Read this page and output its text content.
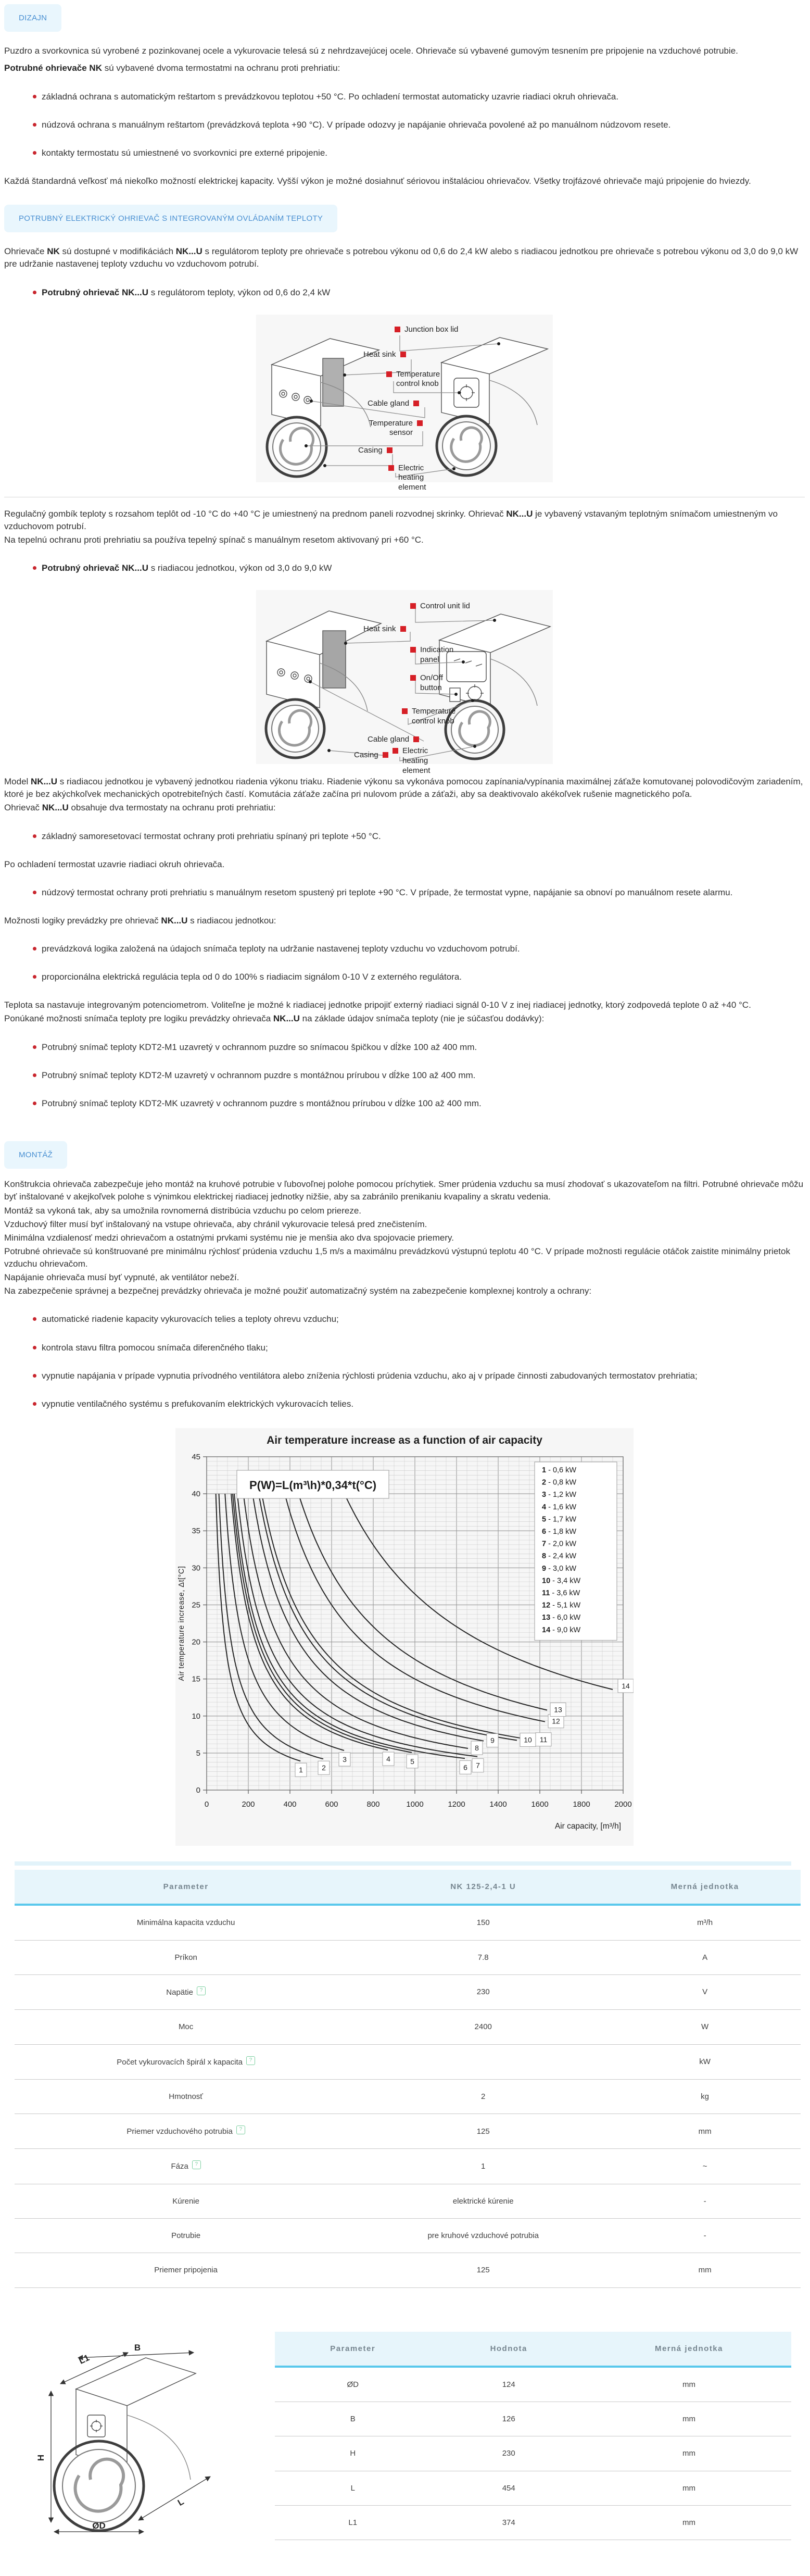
DIZAJN

Puzdro a svorkovnica sú vyrobené z pozinkovanej ocele a vykurovacie telesá sú z nehrdzavejúcej ocele. Ohrievače sú vybavené gumovým tesnením pre pripojenie na vzduchové potrubie.

Potrubné ohrievače NK sú vybavené dvoma termostatmi na ochranu proti prehriatiu:

základná ochrana s automatickým reštartom s prevádzkovou teplotou +50 °C. Po ochladení termostat automaticky uzavrie riadiaci okruh ohrievača.
núdzová ochrana s manuálnym reštartom (prevádzková teplota +90 °C). V prípade odozvy je napájanie ohrievača povolené až po manuálnom núdzovom resete.
kontakty termostatu sú umiestnené vo svorkovnici pre externé pripojenie.

Každá štandardná veľkosť má niekoľko možností elektrickej kapacity. Vyšší výkon je možné dosiahnuť sériovou inštaláciou ohrievačov. Všetky trojfázové ohrievače majú pripojenie do hviezdy.

POTRUBNÝ ELEKTRICKÝ OHRIEVAČ S INTEGROVANÝM OVLÁDANÍM TEPLOTY

Ohrievače NK sú dostupné v modifikáciách NK...U s regulátorom teploty pre ohrievače s potrebou výkonu od 0,6 do 2,4 kW alebo s riadiacou jednotkou pre ohrievače s potrebou výkonu od 3,0 do 9,0 kW pre udržanie nastavenej teploty vzduchu vo vzduchovom potrubí.

Potrubný ohrievač NK...U s regulátorom teploty, výkon od 0,6 do 2,4 kW
Junction box lid
Heat sink
Temperature control knob
Cable gland
Temperature sensor
Casing
Electric heating element

Regulačný gombík teploty s rozsahom teplôt od -10 °C do +40 °C je umiestnený na prednom paneli rozvodnej skrinky. Ohrievač NK...U je vybavený vstavaným teplotným snímačom umiestneným vo vzduchovom potrubí.

Na tepelnú ochranu proti prehriatiu sa používa tepelný spínač s manuálnym resetom aktivovaný pri +60 °C.

Potrubný ohrievač NK...U s riadiacou jednotkou, výkon od 3,0 do 9,0 kW
Control unit lid
Heat sink
Indication panel
On/Off button
Temperature control knob
Cable gland
Casing	Electric heating element

Model NK...U s riadiacou jednotkou je vybavený jednotkou riadenia výkonu triaku. Riadenie výkonu sa vykonáva pomocou zapínania/vypínania maximálnej záťaže komutovanej polovodičovým zariadením, ktoré je bez akýchkoľvek mechanických opotrebiteľných častí. Komutácia záťaže začína pri nulovom prúde a záťaži, aby sa deaktivovalo akékoľvek rušenie magnetického poľa.

Ohrievač NK...U obsahuje dva termostaty na ochranu proti prehriatiu:

základný samoresetovací termostat ochrany proti prehriatiu spínaný pri teplote +50 °C.

Po ochladení termostat uzavrie riadiaci okruh ohrievača.

núdzový termostat ochrany proti prehriatiu s manuálnym resetom spustený pri teplote +90 °C. V prípade, že termostat vypne, napájanie sa obnoví po manuálnom resete alarmu.

Možnosti logiky prevádzky pre ohrievač NK...U s riadiacou jednotkou:

prevádzková logika založená na údajoch snímača teploty na udržanie nastavenej teploty vzduchu vo vzduchovom potrubí.
proporcionálna elektrická regulácia tepla od 0 do 100% s riadiacim signálom 0-10 V z externého regulátora.

Teplota sa nastavuje integrovaným potenciometrom. Voliteľne je možné k riadiacej jednotke pripojiť externý riadiaci signál 0-10 V z inej riadiacej jednotky, ktorý zodpovedá teplote 0 až +40 °C.

Ponúkané možnosti snímača teploty pre logiku prevádzky ohrievača NK...U na základe údajov snímača teploty (nie je súčasťou dodávky):

Potrubný snímač teploty KDT2-M1 uzavretý v ochrannom puzdre so snímacou špičkou v dĺžke 100 až 400 mm.
Potrubný snímač teploty KDT2-M uzavretý v ochrannom puzdre s montážnou prírubou v dĺžke 100 až 400 mm.
Potrubný snímač teploty KDT2-MK uzavretý v ochrannom puzdre s montážnou prírubou v dĺžke 100 až 400 mm.
MONTÁŽ

Konštrukcia ohrievača zabezpečuje jeho montáž na kruhové potrubie v ľubovoľnej polohe pomocou príchytiek. Smer prúdenia vzduchu sa musí zhodovať s ukazovateľom na filtri. Potrubné ohrievače môžu byť inštalované v akejkoľvek polohe s výnimkou elektrickej riadiacej jednotky nižšie, aby sa zabránilo prenikaniu kvapaliny a skratu vedenia.

Montáž sa vykoná tak, aby sa umožnila rovnomerná distribúcia vzduchu po celom priereze.

Vzduchový filter musí byť inštalovaný na vstupe ohrievača, aby chránil vykurovacie telesá pred znečistením.

Minimálna vzdialenosť medzi ohrievačom a ostatnými prvkami systému nie je menšia ako dva spojovacie priemery.

Potrubné ohrievače sú konštruované pre minimálnu rýchlosť prúdenia vzduchu 1,5 m/s a maximálnu prevádzkovú výstupnú teplotu 40 °C. V prípade možnosti regulácie otáčok zaistite minimálny prietok vzduchu ohrievačom.

Napájanie ohrievača musí byť vypnuté, ak ventilátor nebeží.

Na zabezpečenie správnej a bezpečnej prevádzky ohrievača je možné použiť automatizačný systém na zabezpečenie komplexnej kontroly a ochrany:

automatické riadenie kapacity vykurovacích telies a teploty ohrevu vzduchu;
kontrola stavu filtra pomocou snímača diferenčného tlaku;
vypnutie napájania v prípade vypnutia prívodného ventilátora alebo zníženia rýchlosti prúdenia vzduchu, ako aj v prípade činnosti zabudovaných termostatov prehriatia;
vypnutie ventilačného systému s prefukovaním elektrických vykurovacích telies.
0
5
10
15
20
25
30
35
40
45
0	200	400	600	800	1000	1200	1400	1600	1800	2000
1	2
3	4	5
6 7
8
9	10 11
12
13
14
P(W)=L(m³\h)*0,34*t(°C)
1 - 0,6 kW
2 - 0,8 kW
3 - 1,2 kW
4 - 1,6 kW
5 - 1,7 kW
6 - 1,8 kW
7 - 2,0 kW
8 - 2,4 kW
9 - 3,0 kW
10 - 3,4 kW
11 - 3,6 kW
12 - 5,1 kW
13 - 6,0 kW
14 - 9,0 kW
Air temperature increase as a function of air capacity
Air capacity, [m³/h]
Air temperature increase, Δt[°C]
Parameter	NK 125-2,4-1 U	Merná jednotka
Minimálna kapacita vzduchu	150	m³/h
Príkon	7.8	A
Napätie ?	230	V
Moc	2400	W
Počet vykurovacích špirál x kapacita ?		kW
Hmotnosť	2	kg
Priemer vzduchového potrubia ?	125	mm
Fáza ?	1	~
Kúrenie	elektrické kúrenie	-
Potrubie	pre kruhové vzduchové potrubia	-
Priemer pripojenia	125	mm
B
L1
H
ØD
L
Parameter	Hodnota	Merná jednotka
ØD	124	mm
B	126	mm
H	230	mm
L	454	mm
L1	374	mm
